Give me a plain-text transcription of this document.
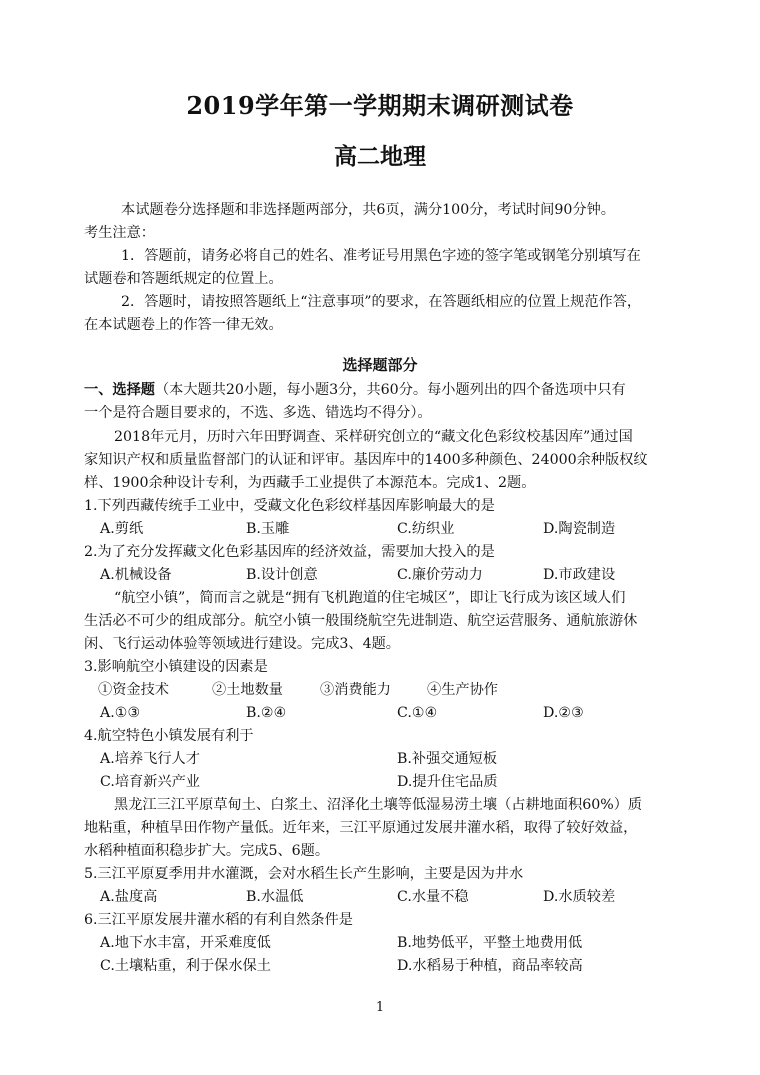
2019学年第一学期期末调研测试卷
高二地理
本试题卷分选择题和非选择题两部分，共6页，满分100分，考试时间90分钟。
考生注意：
1．答题前，请务必将自己的姓名、准考证号用黑色字迹的签字笔或钢笔分别填写在
试题卷和答题纸规定的位置上。
2．答题时，请按照答题纸上“注意事项”的要求，在答题纸相应的位置上规范作答，
在本试题卷上的作答一律无效。
选择题部分
一、选择题（本大题共20小题，每小题3分，共60分。每小题列出的四个备选项中只有
一个是符合题目要求的，不选、多选、错选均不得分）。
2018年元月，历时六年田野调查、采样研究创立的“藏文化色彩纹校基因库”通过国
家知识产权和质量监督部门的认证和评审。基因库中的1400多种颜色、24000余种版权纹
样、1900余种设计专利，为西藏手工业提供了本源范本。完成1、2题。
1.下列西藏传统手工业中，受藏文化色彩纹样基因库影响最大的是
A.剪纸	B.玉雕	C.纺织业	D.陶瓷制造
2.为了充分发挥藏文化色彩基因库的经济效益，需要加大投入的是
A.机械设备	B.设计创意	C.廉价劳动力	D.市政建设
“航空小镇”，简而言之就是“拥有飞机跑道的住宅城区”，即让飞行成为该区域人们
生活必不可少的组成部分。航空小镇一般围绕航空先进制造、航空运营服务、通航旅游休
闲、飞行运动体验等领域进行建设。完成3、4题。
3.影响航空小镇建设的因素是
①资金技术	②土地数量	③消费能力	④生产协作
A.①③	B.②④	C.①④	D.②③
4.航空特色小镇发展有利于
A.培养飞行人才	B.补强交通短板
C.培育新兴产业	D.提升住宅品质
黑龙江三江平原草甸土、白浆土、沼泽化土壤等低湿易涝土壤（占耕地面积60%）质
地粘重，种植旱田作物产量低。近年来，三江平原通过发展井灌水稻，取得了较好效益，
水稻种植面积稳步扩大。完成5、6题。
5.三江平原夏季用井水灌溉，会对水稻生长产生影响，主要是因为井水
A.盐度高	B.水温低	C.水量不稳	D.水质较差
6.三江平原发展井灌水稻的有利自然条件是
A.地下水丰富，开采难度低	B.地势低平，平整土地费用低
C.土壤粘重，利于保水保土	D.水稻易于种植，商品率较高
1
